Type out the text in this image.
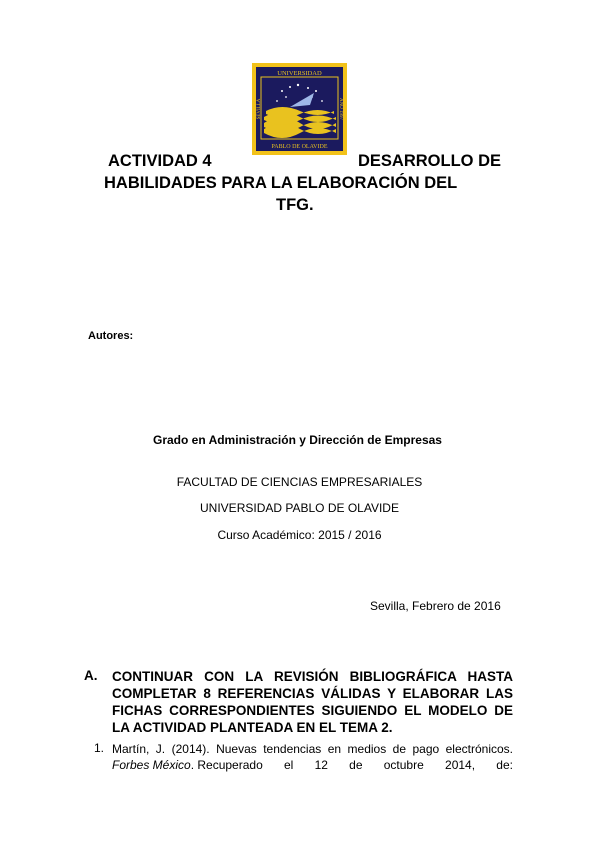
UNIVERSIDAD
PABLO DE OLAVIDE
SEVILLA	AÑO 1997
ACTIVIDAD 4	DESARROLLO DE
HABILIDADES PARA LA ELABORACIÓN DEL
TFG.
Autores:
Grado en Administración y Dirección de Empresas
FACULTAD DE CIENCIAS EMPRESARIALES
UNIVERSIDAD PABLO DE OLAVIDE
Curso Académico: 2015 / 2016
Sevilla, Febrero de 2016
A. CONTINUAR CON LA REVISIÓN BIBLIOGRÁFICA HASTA
COMPLETAR 8 REFERENCIAS VÁLIDAS Y ELABORAR LAS
FICHAS CORRESPONDIENTES SIGUIENDO EL MODELO DE
LA ACTIVIDAD PLANTEADA EN EL TEMA 2.
1. Martín, J. (2014). Nuevas tendencias en medios de pago electrónicos.
Forbes México. Recuperado el 12 de octubre 2014, de:
